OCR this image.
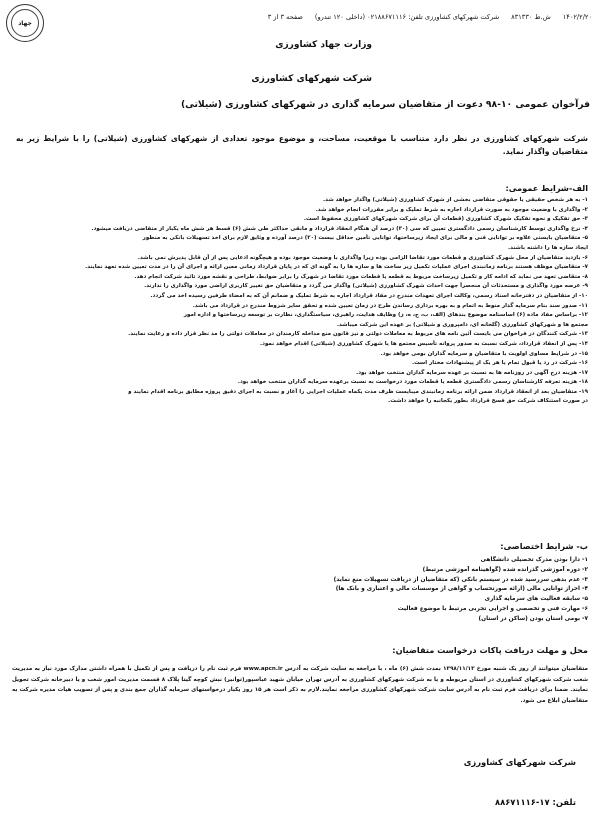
جهاد
۱۴۰۲/۲/۲۰
ش.ط ۸۳۱۳۳۰
شرکت شهرکهای کشاورزی تلفن: ۰۲۱۸۸۶۷۱۱۱۶ (داخلی ۱۲۰ تندرو)
صفحه ۳ از ۳
وزارت جهاد کشاورزی
شرکت شهرکهای کشاورزی
فرآخوان عمومی ۱۰-۹۸ دعوت از متقاضیان سرمایه گذاری در شهرکهای کشاورزی (شیلاتی)
شرکت شهرکهای کشاورزی در نظر دارد متناسب با موقعیت، مساحت، و موضوع موجود تعدادی از شهرکهای کشاورزی (شیلاتی) را با شرایط زیر به متقاضیان واگذار نماید.
الف-شرایط عمومی:
۱- به هر شخص حقیقی یا حقوقی متقاضی بخشی از شهرک کشاورزی (شیلاتی) واگذار خواهد شد.
۲- واگذاری با وضعیت موجود به صورت قرارداد اجاره به شرط تملیک و برابر مقررات انجام خواهد شد.
۳- حق تفکیک و نحوه تفکیک شهرک کشاورزی (قطعات آن برای شرکت شهرکهای کشاورزی محفوظ است.
۴- نرخ واگذاری توسط کارشناسان رسمی دادگستری تعیین که سی (۳۰) درصد آن هنگام انعقاد قرارداد و مابقی حداکثر طی شش (۶) قسط هر شش ماه یکبار از متقاضی دریافت میشود.
۵- متقاضیان بایستی علاوه بر توانایی فنی و مالی برای ایجاد زیرساختها، توانایی تأمین حداقل بیست (۲۰) درصد آورده و وثایق لازم برای اخذ تسهیلات بانکی به منظور
ایجاد سازه ها را داشته باشند.
۶- بازدید متقاضیان از محل شهرک کشاورزی و قطعات مورد تقاضا الزامی بوده زیرا واگذاری با وضعیت موجود بوده و هیچگونه ادعایی پس از آن قابل پذیرش نمی باشد.
۷- متقاضیان موظف هستند برنامه زمانبندی اجرای عملیات تکمیل زیر ساخت ها و سازه ها را به گونه ای که در پایان قرارداد زمانی معین ارائه و اجرای آن را در مدت تعیین شده تعهد نمایند.
۸- متقاضی تعهد می نماید که ادامه کار و تکمیل زیرساخت مربوط به قطعه یا قطعات مورد تقاضا در شهرک را برابر ضوابط، طراحی و نقشه مورد تائید شرکت انجام دهد.
۹- عرصه مورد واگذاری و مستحدثات آن منحصراً جهت احداث شهرک کشاورزی (شیلاتی) واگذار می گردد و متقاضیان حق تغییر کاربری اراضی مورد واگذاری را ندارند.
۱۰- از متقاضیان در دفترخانه اسناد رسمی، وکالت اجرای تعهدات مندرج در مفاد قرارداد اجاره به شرط تملیک و ضمانم آن که به امضاء طرفین رسیده اخذ می گردد.
۱۱- صدور سند بنام سرمایه گذار منوط به اتمام و به بهره برداری رساندن طرح در زمان تعیین شده و تحقق سایر شروط مندرج در قرارداد می باشد.
۱۲- براساس مفاد ماده (۶) اساسنامه موضوع بندهای (الف، ب، ج، ه، ز) وظایف هدایت، راهبری، سیاستگذاری، نظارت بر توسعه زیرساختها و اداره امور
مجتمع ها و شهرکهای کشاورزی (گلخانه ای، دامپروری و شیلاتی) بر عهده این شرکت میباشد.
۱۳- شرکت کنندگان در فراخوان می بایست آئین نامه های مربوط به معاملات دولتی و نیز قانون منع مداخله کارمندان در معاملات دولتی را مد نظر قرار داده و رعایت نمایند.
۱۴- پس از انعقاد قرارداد، شرکت نسبت به صدور پروانه تأسیس مجتمع ها یا شهرک کشاورزی (شیلاتی) اقدام خواهد نمود.
۱۵- در شرایط مساوی اولویت با متقاضیان و سرمایه گذاران بومی خواهد بود.
۱۶- شرکت در رد یا قبول تمام یا هر یک از پیشنهادات مختار است.
۱۷- هزینه درج آگهی در روزنامه ها به نسبت بر عهده سرمایه گذاران منتخب خواهد بود.
۱۸- هزینه تعرفه کارشناسان رسمی دادگستری قطعه یا قطعات مورد درخواست به نسبت برعهده سرمایه گذاران منتخب خواهد بود.
۱۹- متقاضیان بعد از انعقاد قرارداد ضمن ارائه برنامه زمانبندی میبایست ظرف مدت یکماه عملیات اجرایی را آغاز و نسبت به اجرای دقیق پروژه مطابق برنامه اقدام نمایند و
در صورت استنکاف شرکت حق فسخ قرارداد بطور یکجانبه را خواهد داشت.
ب- شرایط اختصاصی:
۱- دارا بودن مدرک تحصیلی دانشگاهی
۲- دوره آموزشی گذرانده شده (گواهینامه آموزشی مرتبط)
۳- عدم بدهی سررسید شده در سیستم بانکی (که متقاضیان از دریافت تسهیلات منع نماید)
۴- احراز توانایی مالی (ارائه صورتحساب و گواهی از موسسات مالی و اعتباری و بانک ها)
۵- سابقه فعالیت های سرمایه گذاری
۶- مهارت فنی و تخصصی و اجرایی تجربی مرتبط با موضوع فعالیت
۷- بومی استان بودن (ساکن در استان)
محل و مهلت دریافت پاکات درخواست متقاضیان:
متقاضیان میتوانند از روز یک شنبه مورخ ۱۳۹۸/۱۱/۱۳ بمدت شش (۶) ماه ، با مراجعه به سایت شرکت به آدرس www.apcn.ir فرم ثبت نام را دریافت و پس از تکمیل با همراه داشتن مدارک مورد نیاز به مدیریت شعب شرکت شهرکهای کشاورزی در استان مربوطه و یا به شرکت شهرکهای کشاورزی به آدرس تهران خیابان شهید عباسپور(توانیر) نبش کوچه گیتا پلاک ۸ قسمت مدیریت امور شعب و یا دبیرخانه شرکت تحویل نمایند. ضمنا برای دریافت فرم ثبت نام به آدرس سایت شرکت شهرکهای کشاورزی مراجعه نمایند.لازم به ذکر است هر ۱۵ روز یکبار درخواستهای سرمایه گذاران جمع بندی و پس از تصویب هیات مدیره شرکت به متقاضیان ابلاغ می شود.
شرکت شهرکهای کشاورزی
تلفن: ۱۷-۸۸۶۷۱۱۱۶
